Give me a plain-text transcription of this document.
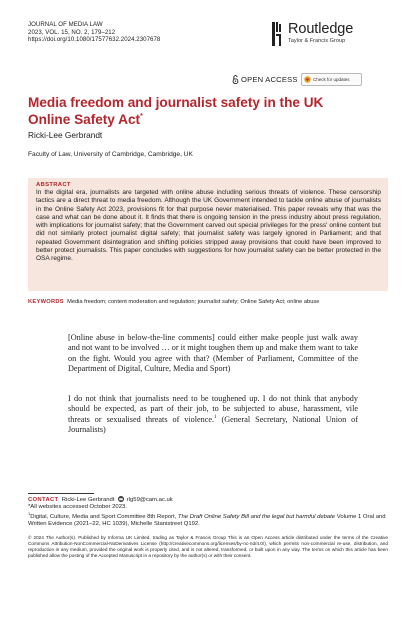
JOURNAL OF MEDIA LAW
2023, VOL. 15, NO. 2, 179–212
https://doi.org/10.1080/17577632.2024.2307678
Routledge
Taylor & Francis Group
OPEN ACCESS	Check for updates
Media freedom and journalist safety in the UK Online Safety Act*
Ricki-Lee Gerbrandt
Faculty of Law, University of Cambridge, Cambridge, UK
ABSTRACT
In the digital era, journalists are targeted with online abuse including serious threats of violence. These censorship tactics are a direct threat to media freedom. Although the UK Government intended to tackle online abuse of journalists in the Online Safety Act 2023, provisions fit for that purpose never materialised. This paper reveals why that was the case and what can be done about it. It finds that there is ongoing tension in the press industry about press regulation, with implications for journalist safety; that the Government carved out special privileges for the press' online content but did not similarly protect journalist digital safety; that journalist safety was largely ignored in Parliament; and that repeated Government disintegration and shifting policies stripped away provisions that could have been improved to better protect journalists. This paper concludes with suggestions for how journalist safety can be better protected in the OSA regime.
KEYWORDS Media freedom; content moderation and regulation; journalist safety; Online Safety Act; online abuse
[Online abuse in below-the-line comments] could either make people just walk away and not want to be involved … or it might toughen them up and make them want to take on the fight. Would you agree with that? (Member of Parliament, Committee of the Department of Digital, Culture, Media and Sport)
I do not think that journalists need to be toughened up. I do not think that anybody should be expected, as part of their job, to be subjected to abuse, harassment, vile threats or sexualised threats of violence.$^1$ (General Secretary, National Union of Journalists)
CONTACT Ricki-Lee Gerbrandt rlg59@cam.ac.uk
*All websites accessed October 2023.
$^1$Digital, Culture, Media and Sport Committee 8th Report, The Draft Online Safety Bill and the legal but harmful debate Volume 1 Oral and Written Evidence (2021–22, HC 1039), Michelle Stanistreet Q192.
© 2024 The Author(s). Published by Informa UK Limited, trading as Taylor & Francis Group This is an Open Access article distributed under the terms of the Creative Commons Attribution-NonCommercial-NoDerivatives License (http://creativecommons.org/licenses/by-nc-nd/4.0/), which permits non-commercial re-use, distribution, and reproduction in any medium, provided the original work is properly cited, and is not altered, transformed, or built upon in any way. The terms on which this article has been published allow the posting of the Accepted Manuscript in a repository by the author(s) or with their consent.
